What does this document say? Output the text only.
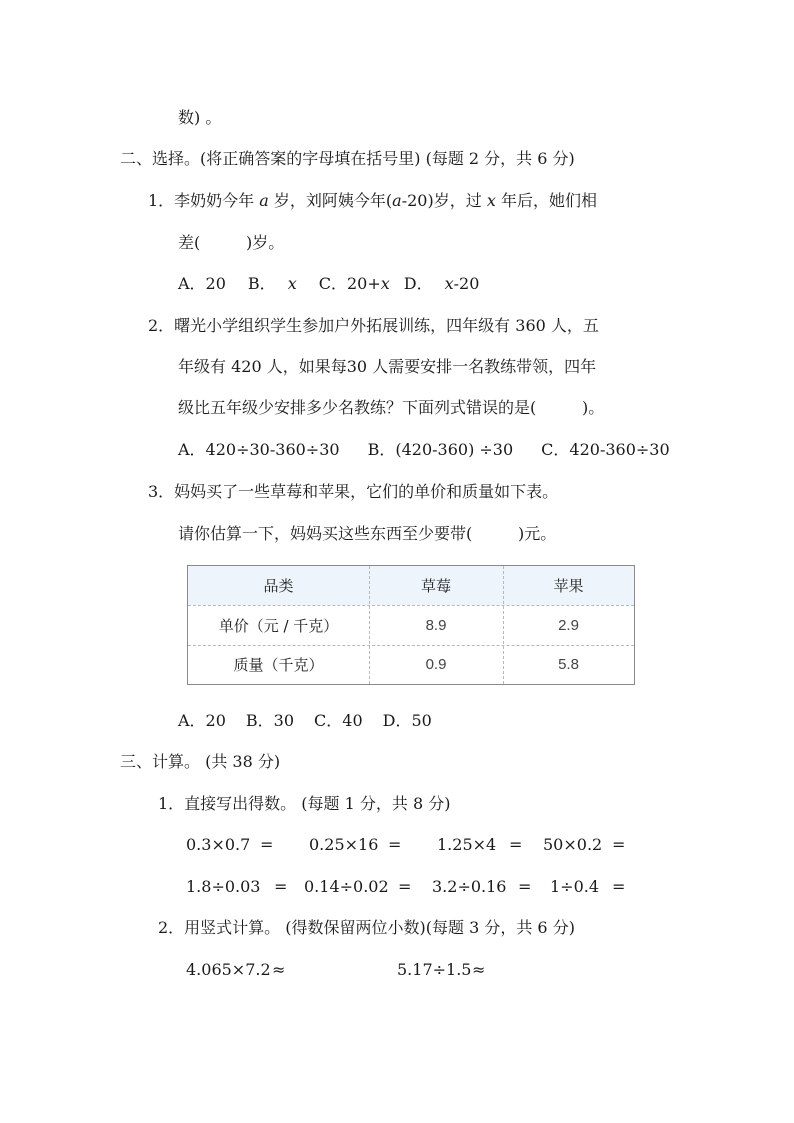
数) 。
二、选择。(将正确答案的字母填在括号里) (每题 2 分，共 6 分)
1．李奶奶今年 a 岁，刘阿姨今年(a-20)岁，过 x 年后，她们相
差(         )岁。
A．20 B． x C．20+x D． x-20
2．曙光小学组织学生参加户外拓展训练，四年级有 360 人，五
年级有 420 人，如果每30 人需要安排一名教练带领，四年
级比五年级少安排多少名教练？下面列式错误的是(         )。
A．420÷30-360÷30 B．(420-360) ÷30 C．420-360÷30
3．妈妈买了一些草莓和苹果，它们的单价和质量如下表。
请你估算一下，妈妈买这些东西至少要带(         )元。
品类	草莓	苹果
单价（元 / 千克）	8.9	2.9
质量（千克）	0.9	5.8
A．20 B．30 C．40 D．50
三、计算。 (共 38 分)
1．直接写出得数。 (每题 1 分，共 8 分)
0.3×0.7 = 0.25×16 = 1.25×4 = 50×0.2 =
1.8÷0.03 = 0.14÷0.02 = 3.2÷0.16 = 1÷0.4 =
2．用竖式计算。 (得数保留两位小数)(每题 3 分，共 6 分)
4.065×7.2 ≈	5.17÷1.5 ≈
